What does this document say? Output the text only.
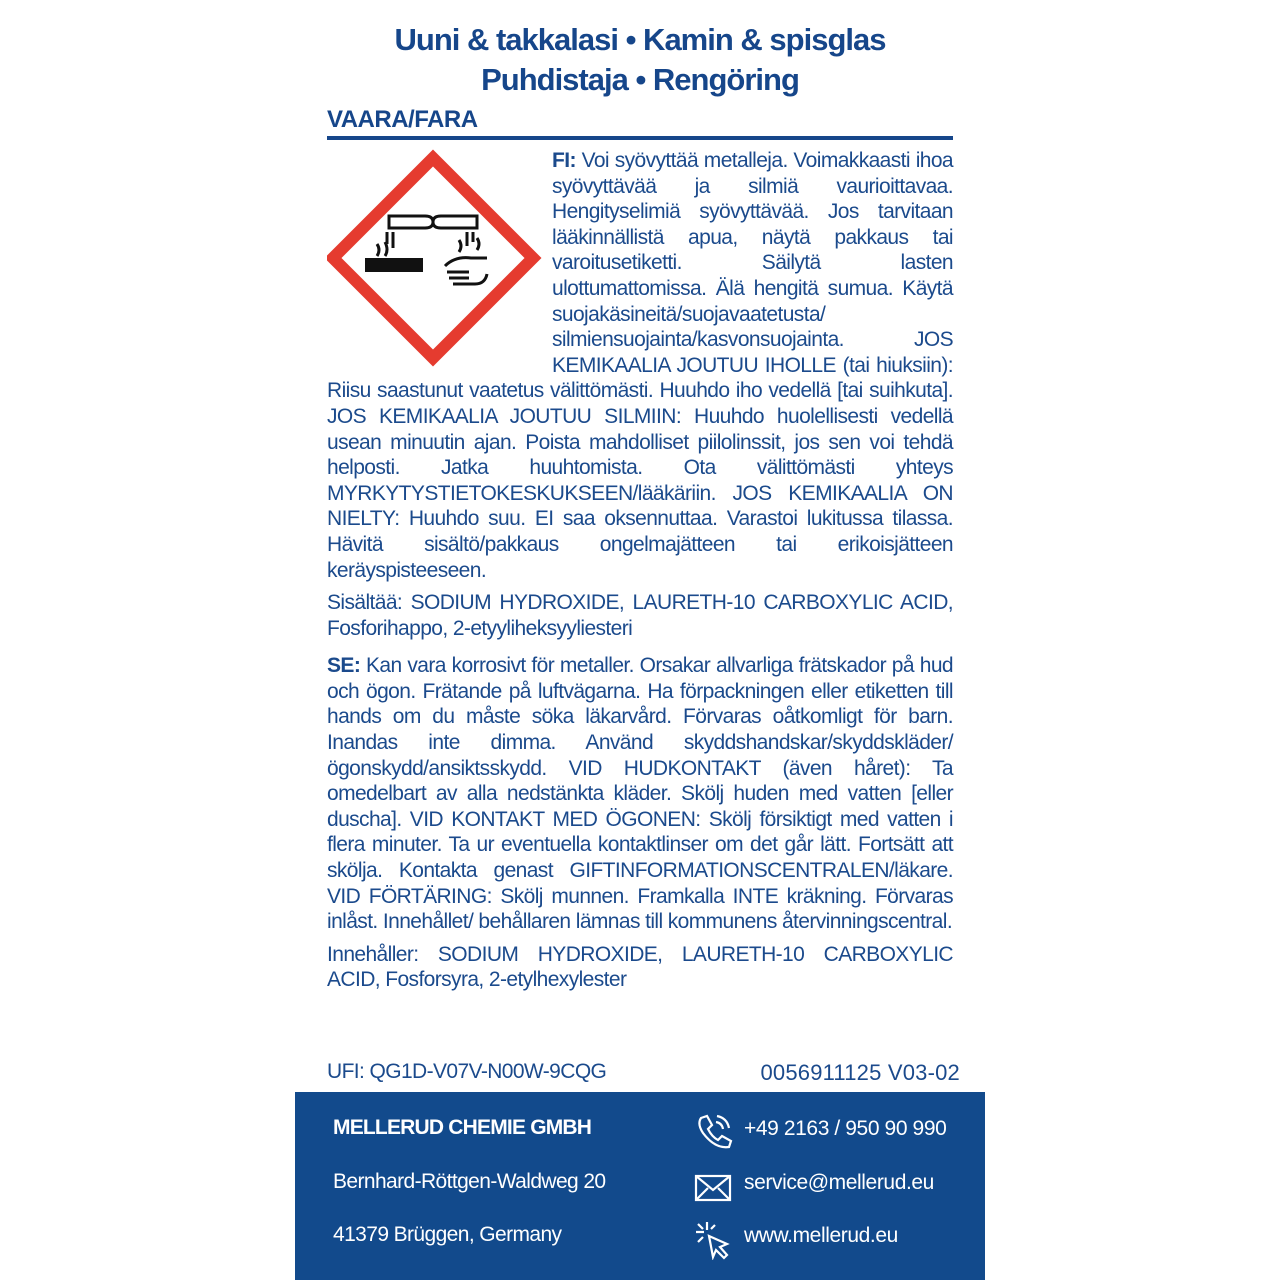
Uuni & takkalasi • Kamin & spisglas
Puhdistaja • Rengöring
VAARA/FARA

FI: Voi syövyttää metalleja. Voimakkaasti ihoa syövyttävää ja silmiä vaurioittavaa. Hengityselimiä syövyttävää. Jos tarvitaan lääkinnällistä apua, näytä pakkaus tai varoitusetiketti. Säilytä lasten ulottumattomissa. Älä hengitä sumua. Käytä suojakäsineitä/suojavaatetusta/ silmiensuojainta/kasvonsuojainta. JOS KEMIKAALIA JOUTUU IHOLLE (tai hiuksiin): Riisu saastunut vaatetus välittömästi. Huuhdo iho vedellä [tai suihkuta]. JOS KEMIKAALIA JOUTUU SILMIIN: Huuhdo huolellisesti vedellä usean minuutin ajan. Poista mahdolliset piilolinssit, jos sen voi tehdä helposti. Jatka huuhtomista. Ota välittömästi yhteys MYRKYTYSTIETOKESKUKSEEN/lääkäriin. JOS KEMIKAALIA ON NIELTY: Huuhdo suu. EI saa oksennuttaa. Varastoi lukitussa tilassa. Hävitä sisältö/pakkaus ongelmajätteen tai erikoisjätteen keräyspisteeseen.

Sisältää: SODIUM HYDROXIDE, LAURETH-10 CARBOXYLIC ACID, Fosforihappo, 2-etyyliheksyyliesteri

SE: Kan vara korrosivt för metaller. Orsakar allvarliga frätskador på hud och ögon. Frätande på luftvägarna. Ha förpackningen eller etiketten till hands om du måste söka läkarvård. Förvaras oåtkomligt för barn. Inandas inte dimma. Använd skyddshandskar/skyddskläder/ögonskydd/ansiktsskydd. VID HUDKONTAKT (även håret): Ta omedelbart av alla nedstänkta kläder. Skölj huden med vatten [eller duscha]. VID KONTAKT MED ÖGONEN: Skölj försiktigt med vatten i flera minuter. Ta ur eventuella kontaktlinser om det går lätt. Fortsätt att skölja. Kontakta genast GIFTINFORMATIONSCENTRALEN/läkare. VID FÖRTÄRING: Skölj munnen. Framkalla INTE kräkning. Förvaras inlåst. Innehållet/ behållaren lämnas till kommunens återvinningscentral.

Innehåller: SODIUM HYDROXIDE, LAURETH-10 CARBOXYLIC ACID, Fosforsyra, 2-etylhexylester

UFI: QG1D-V07V-N00W-9CQG	0056911125 V03-02
MELLERUD CHEMIE GMBH
Bernhard-Röttgen-Waldweg 20
41379 Brüggen, Germany
+49 2163 / 950 90 990
service@mellerud.eu
www.mellerud.eu
